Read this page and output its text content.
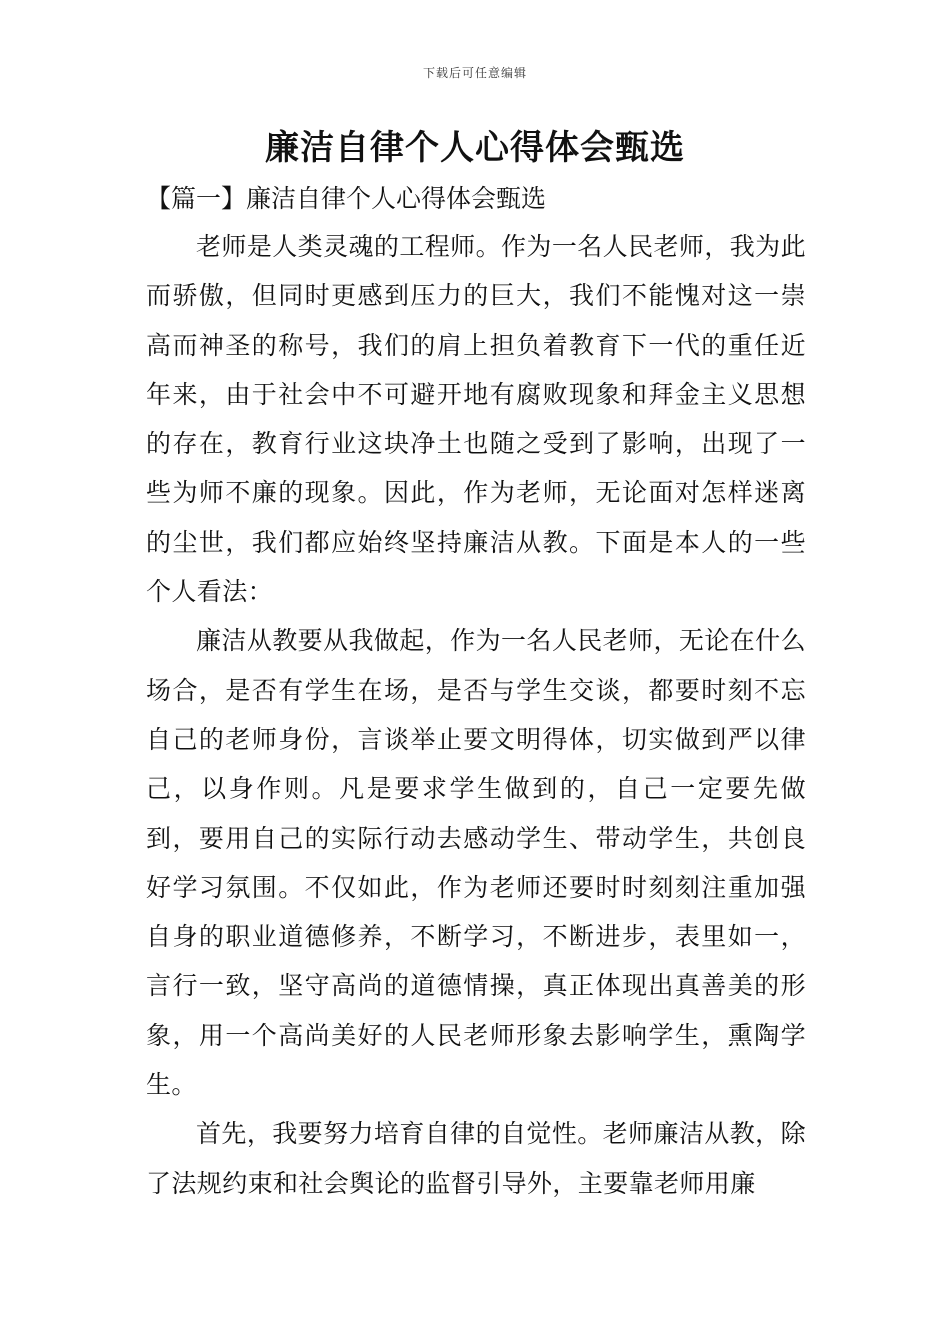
下载后可任意编辑
廉洁自律个人心得体会甄选
【篇一】廉洁自律个人心得体会甄选

老师是人类灵魂的工程师。作为一名人民老师，我为此而骄傲，但同时更感到压力的巨大，我们不能愧对这一崇高而神圣的称号，我们的肩上担负着教育下一代的重任近年来，由于社会中不可避开地有腐败现象和拜金主义思想的存在，教育行业这块净土也随之受到了影响，出现了一些为师不廉的现象。因此，作为老师，无论面对怎样迷离的尘世，我们都应始终坚持廉洁从教。下面是本人的一些个人看法：

廉洁从教要从我做起，作为一名人民老师，无论在什么场合，是否有学生在场，是否与学生交谈，都要时刻不忘自己的老师身份，言谈举止要文明得体，切实做到严以律己，以身作则。凡是要求学生做到的，自己一定要先做到，要用自己的实际行动去感动学生、带动学生，共创良好学习氛围。不仅如此，作为老师还要时时刻刻注重加强自身的职业道德修养，不断学习，不断进步，表里如一，言行一致，坚守高尚的道德情操，真正体现出真善美的形象，用一个高尚美好的人民老师形象去影响学生，熏陶学生。

首先，我要努力培育自律的自觉性。老师廉洁从教，除了法规约束和社会舆论的监督引导外，主要靠老师用廉
